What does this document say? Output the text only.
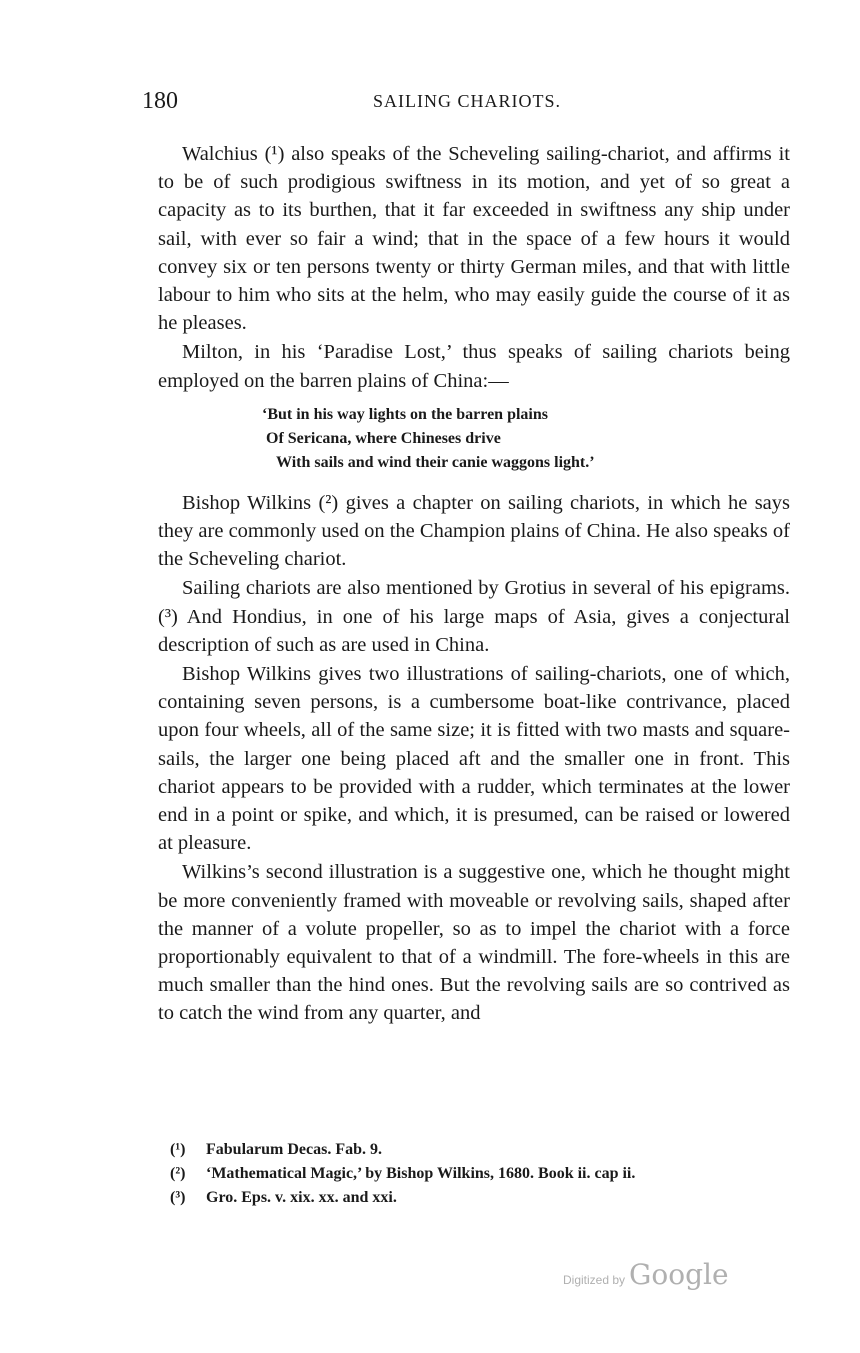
180	SAILING CHARIOTS.

Walchius (¹) also speaks of the Scheveling sailing-chariot, and affirms it to be of such prodigious swiftness in its motion, and yet of so great a capacity as to its burthen, that it far exceeded in swiftness any ship under sail, with ever so fair a wind; that in the space of a few hours it would convey six or ten persons twenty or thirty German miles, and that with little labour to him who sits at the helm, who may easily guide the course of it as he pleases.

Milton, in his ‘Paradise Lost,’ thus speaks of sailing chariots being employed on the barren plains of China:—

‘But in his way lights on the barren plains
Of Sericana, where Chineses drive
With sails and wind their canie waggons light.’

Bishop Wilkins (²) gives a chapter on sailing chariots, in which he says they are commonly used on the Champion plains of China. He also speaks of the Scheveling chariot.

Sailing chariots are also mentioned by Grotius in several of his epigrams. (³) And Hondius, in one of his large maps of Asia, gives a conjectural description of such as are used in China.

Bishop Wilkins gives two illustrations of sailing-chariots, one of which, containing seven persons, is a cumbersome boat-like contrivance, placed upon four wheels, all of the same size; it is fitted with two masts and square-sails, the larger one being placed aft and the smaller one in front. This chariot appears to be provided with a rudder, which terminates at the lower end in a point or spike, and which, it is presumed, can be raised or lowered at pleasure.

Wilkins’s second illustration is a suggestive one, which he thought might be more conveniently framed with moveable or revolving sails, shaped after the manner of a volute propeller, so as to impel the chariot with a force proportionably equivalent to that of a windmill. The fore-wheels in this are much smaller than the hind ones. But the revolving sails are so contrived as to catch the wind from any quarter, and

(¹)	Fabularum Decas. Fab. 9.
(²)	‘Mathematical Magic,’ by Bishop Wilkins, 1680. Book ii. cap ii.
(³)	Gro. Eps. v. xix. xx. and xxi.
Digitized by Google
